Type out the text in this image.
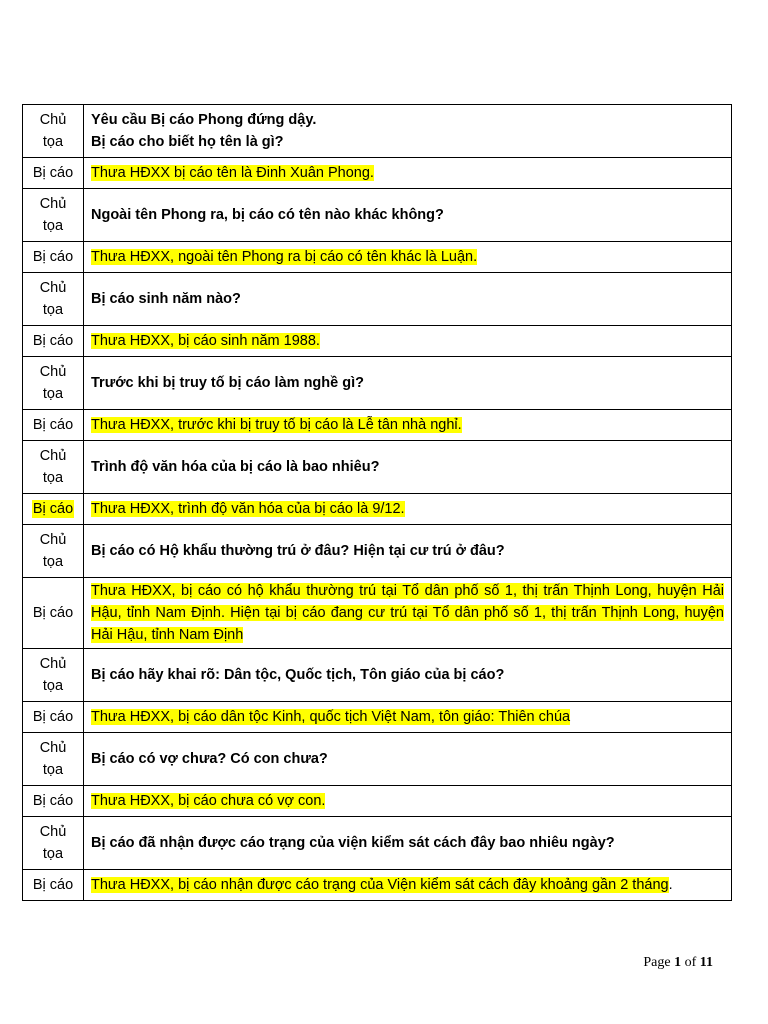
Chủ tọa	Yêu cầu Bị cáo Phong đứng dậy.
Bị cáo cho biết họ tên là gì?

Bị cáo	Thưa HĐXX bị cáo tên là Đinh Xuân Phong.
Chủ tọa	Ngoài tên Phong ra, bị cáo có tên nào khác không?
Bị cáo	Thưa HĐXX, ngoài tên Phong ra bị cáo có tên khác là Luận.
Chủ tọa	Bị cáo sinh năm nào?
Bị cáo	Thưa HĐXX, bị cáo sinh năm 1988.
Chủ tọa	Trước khi bị truy tố bị cáo làm nghề gì?
Bị cáo	Thưa HĐXX, trước khi bị truy tố bị cáo là Lễ tân nhà nghỉ.
Chủ tọa	Trình độ văn hóa của bị cáo là bao nhiêu?
Bị cáo	Thưa HĐXX, trình độ văn hóa của bị cáo là 9/12.
Chủ tọa	Bị cáo có Hộ khẩu thường trú ở đâu? Hiện tại cư trú ở đâu?
Bị cáo	Thưa HĐXX, bị cáo có hộ khẩu thường trú tại Tổ dân phố số 1, thị trấn Thịnh Long, huyện Hải Hậu, tỉnh Nam Định. Hiện tại bị cáo đang cư trú tại Tổ dân phố số 1, thị trấn Thịnh Long, huyện Hải Hậu, tỉnh Nam Định
Chủ tọa	Bị cáo hãy khai rõ: Dân tộc, Quốc tịch, Tôn giáo của bị cáo?
Bị cáo	Thưa HĐXX, bị cáo dân tộc Kinh, quốc tịch Việt Nam, tôn giáo: Thiên chúa
Chủ tọa	Bị cáo có vợ chưa? Có con chưa?
Bị cáo	Thưa HĐXX, bị cáo chưa có vợ con.
Chủ tọa	Bị cáo đã nhận được cáo trạng của viện kiểm sát cách đây bao nhiêu ngày?
Bị cáo	Thưa HĐXX, bị cáo nhận được cáo trạng của Viện kiểm sát cách đây khoảng gần 2 tháng.
Page 1 of 11
